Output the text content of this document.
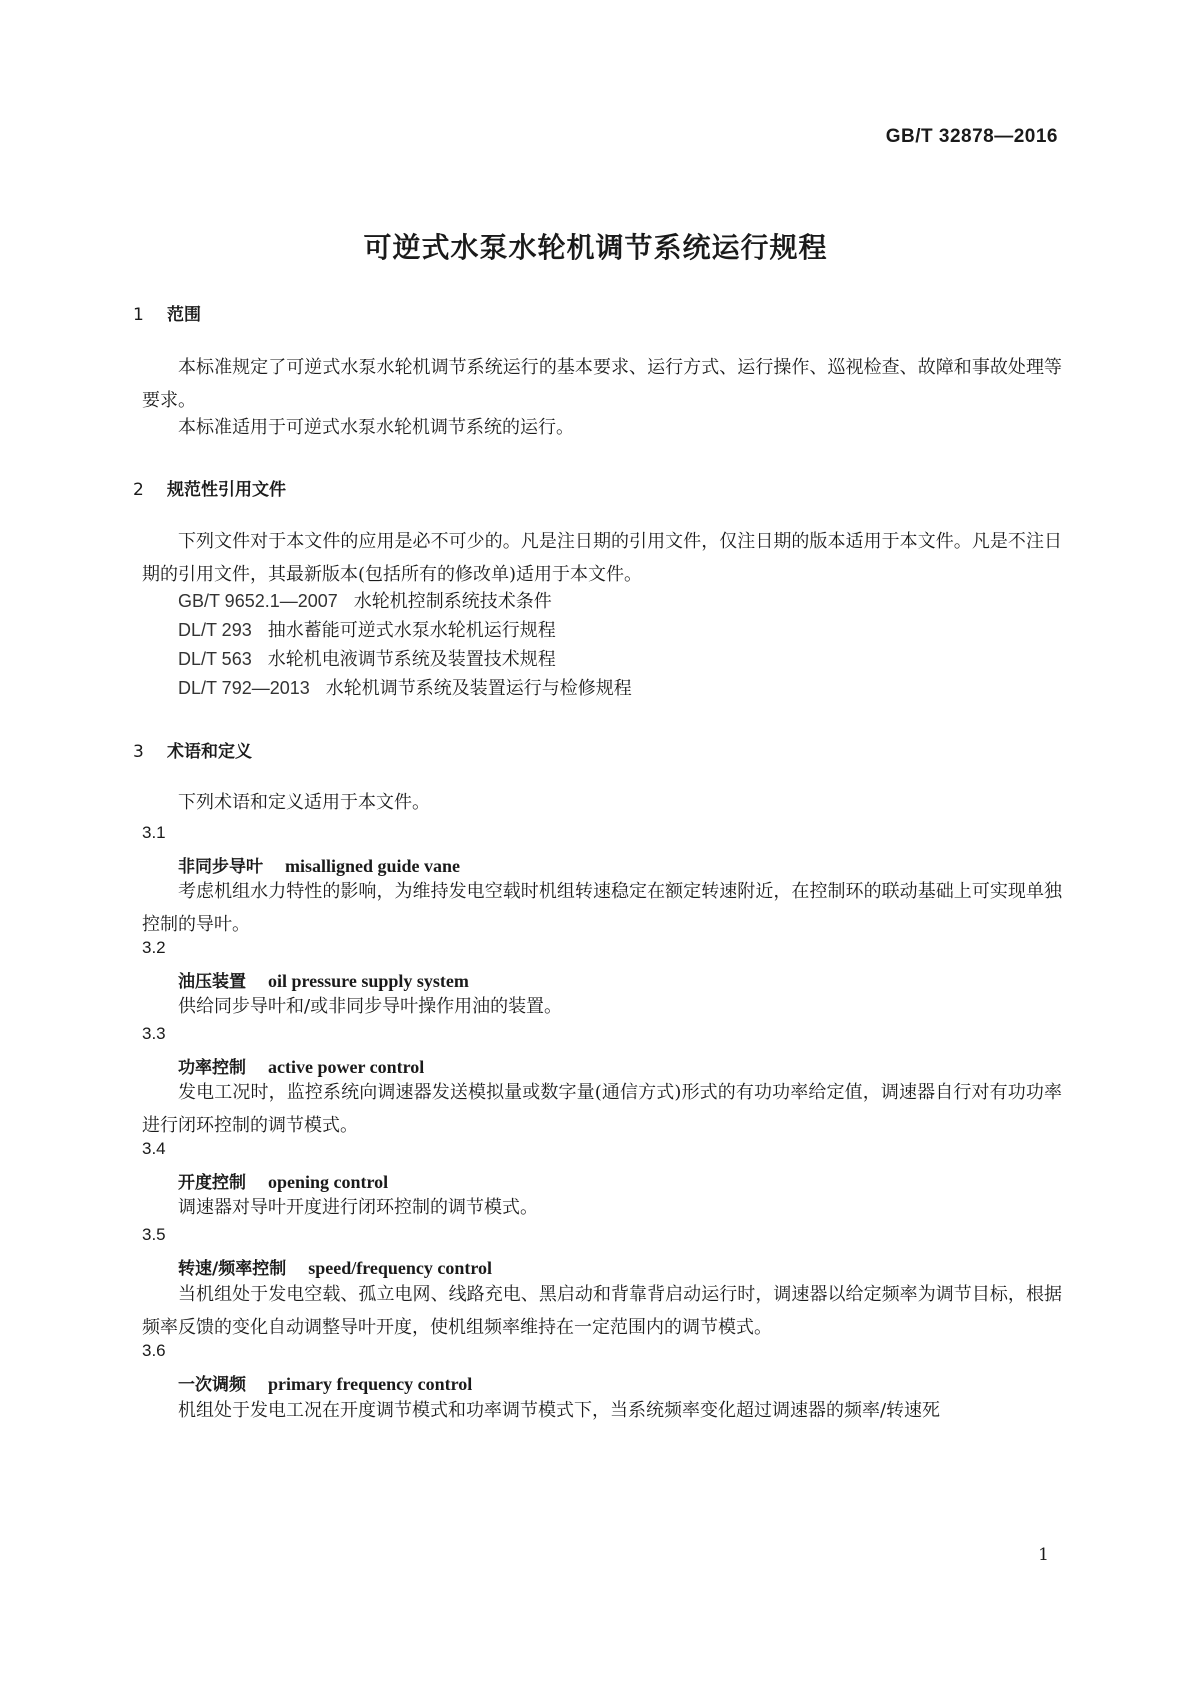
GB/T 32878—2016
可逆式水泵水轮机调节系统运行规程
1 范围

本标准规定了可逆式水泵水轮机调节系统运行的基本要求、运行方式、运行操作、巡视检查、故障和事故处理等要求。

本标准适用于可逆式水泵水轮机调节系统的运行。

2 规范性引用文件

下列文件对于本文件的应用是必不可少的。凡是注日期的引用文件，仅注日期的版本适用于本文件。凡是不注日期的引用文件，其最新版本(包括所有的修改单)适用于本文件。

GB/T 9652.1—2007 水轮机控制系统技术条件
DL/T 293 抽水蓄能可逆式水泵水轮机运行规程
DL/T 563 水轮机电液调节系统及装置技术规程
DL/T 792—2013 水轮机调节系统及装置运行与检修规程
3 术语和定义

下列术语和定义适用于本文件。

3.1
非同步导叶 misalligned guide vane

考虑机组水力特性的影响，为维持发电空载时机组转速稳定在额定转速附近，在控制环的联动基础上可实现单独控制的导叶。

3.2
油压装置 oil pressure supply system

供给同步导叶和/或非同步导叶操作用油的装置。

3.3
功率控制 active power control

发电工况时，监控系统向调速器发送模拟量或数字量(通信方式)形式的有功功率给定值，调速器自行对有功功率进行闭环控制的调节模式。

3.4
开度控制 opening control

调速器对导叶开度进行闭环控制的调节模式。

3.5
转速/频率控制 speed/frequency control

当机组处于发电空载、孤立电网、线路充电、黑启动和背靠背启动运行时，调速器以给定频率为调节目标，根据频率反馈的变化自动调整导叶开度，使机组频率维持在一定范围内的调节模式。

3.6
一次调频 primary frequency control

机组处于发电工况在开度调节模式和功率调节模式下，当系统频率变化超过调速器的频率/转速死

1
